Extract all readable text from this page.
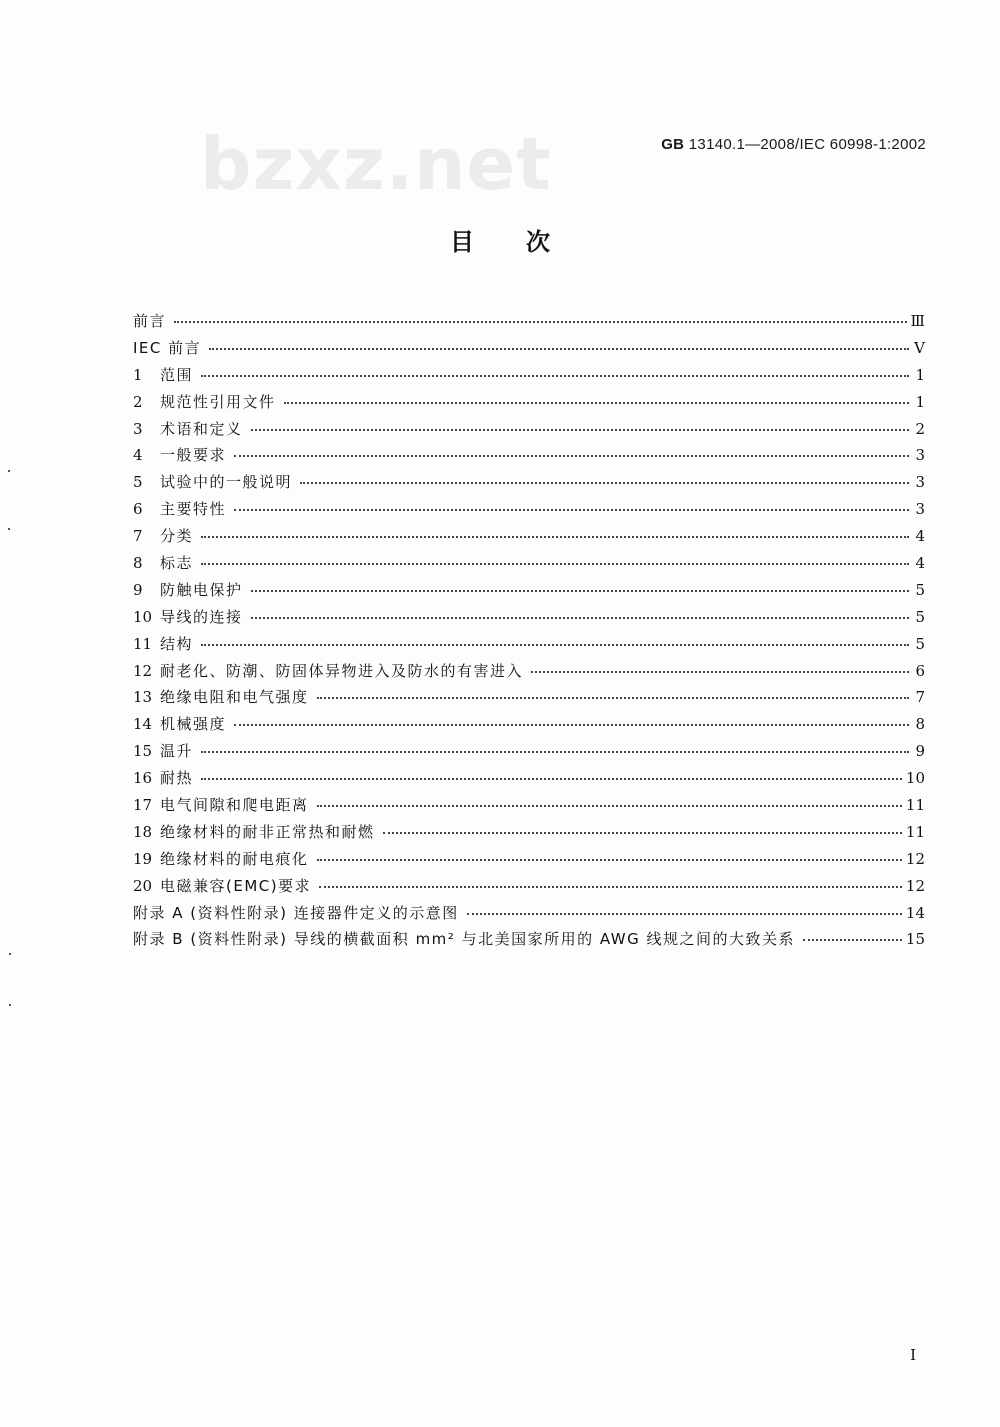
bzxz.net	GB 13140.1—2008/IEC 60998-1:2002
目次
前言	Ⅲ
IEC 前言	Ⅴ
1	范围	1
2	规范性引用文件	1
3	术语和定义	2
4	一般要求	3
5	试验中的一般说明	3
6	主要特性	3
7	分类	4
8	标志	4
9	防触电保护	5
10 导线的连接	5
11 结构	5
12 耐老化、防潮、防固体异物进入及防水的有害进入	6
13 绝缘电阻和电气强度	7
14 机械强度	8
15 温升	9
16 耐热	10
17 电气间隙和爬电距离	11
18 绝缘材料的耐非正常热和耐燃	11
19 绝缘材料的耐电痕化	12
20 电磁兼容(EMC)要求	12
附录 A (资料性附录) 连接器件定义的示意图	14
附录 B (资料性附录) 导线的横截面积 mm² 与北美国家所用的 AWG 线规之间的大致关系	15
I
